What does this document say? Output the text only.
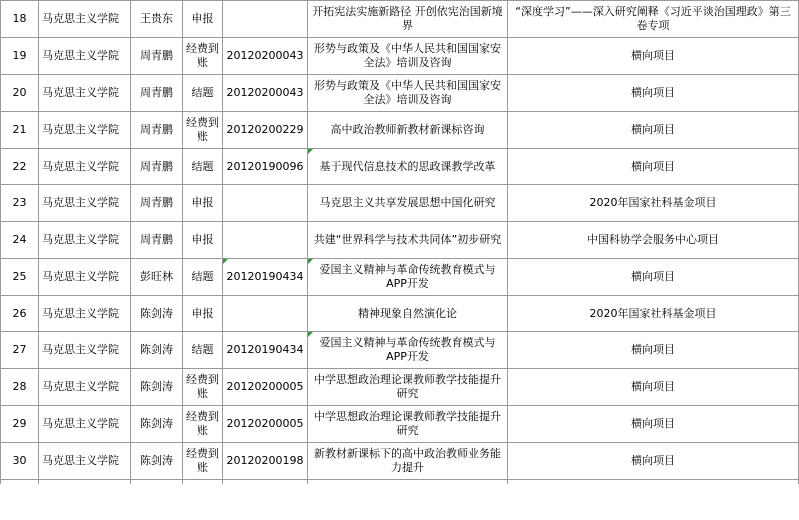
18	马克思主义学院	王贵东	申报		开拓宪法实施新路径 开创依宪治国新境界	“深度学习”——深入研究阐释《习近平谈治国理政》第三卷专项
19	马克思主义学院	周青鹏	经费到账	20120200043	形势与政策及《中华人民共和国国家安全法》培训及咨询	横向项目
20	马克思主义学院	周青鹏	结题	20120200043	形势与政策及《中华人民共和国国家安全法》培训及咨询	横向项目
21	马克思主义学院	周青鹏	经费到账	20120200229	高中政治教师新教材新课标咨询	横向项目
22	马克思主义学院	周青鹏	结题	20120190096	基于现代信息技术的思政课教学改革	横向项目
23	马克思主义学院	周青鹏	申报		马克思主义共享发展思想中国化研究	2020年国家社科基金项目
24	马克思主义学院	周青鹏	申报		共建“世界科学与技术共同体”初步研究	中国科协学会服务中心项目
25	马克思主义学院	彭旺林	结题	20120190434	爱国主义精神与革命传统教育模式与APP开发	横向项目
26	马克思主义学院	陈剑涛	申报		精神现象自然演化论	2020年国家社科基金项目
27	马克思主义学院	陈剑涛	结题	20120190434	爱国主义精神与革命传统教育模式与APP开发	横向项目
28	马克思主义学院	陈剑涛	经费到账	20120200005	中学思想政治理论课教师教学技能提升研究	横向项目
29	马克思主义学院	陈剑涛	经费到账	20120200005	中学思想政治理论课教师教学技能提升研究	横向项目
30	马克思主义学院	陈剑涛	经费到账	20120200198	新教材新课标下的高中政治教师业务能力提升	横向项目
